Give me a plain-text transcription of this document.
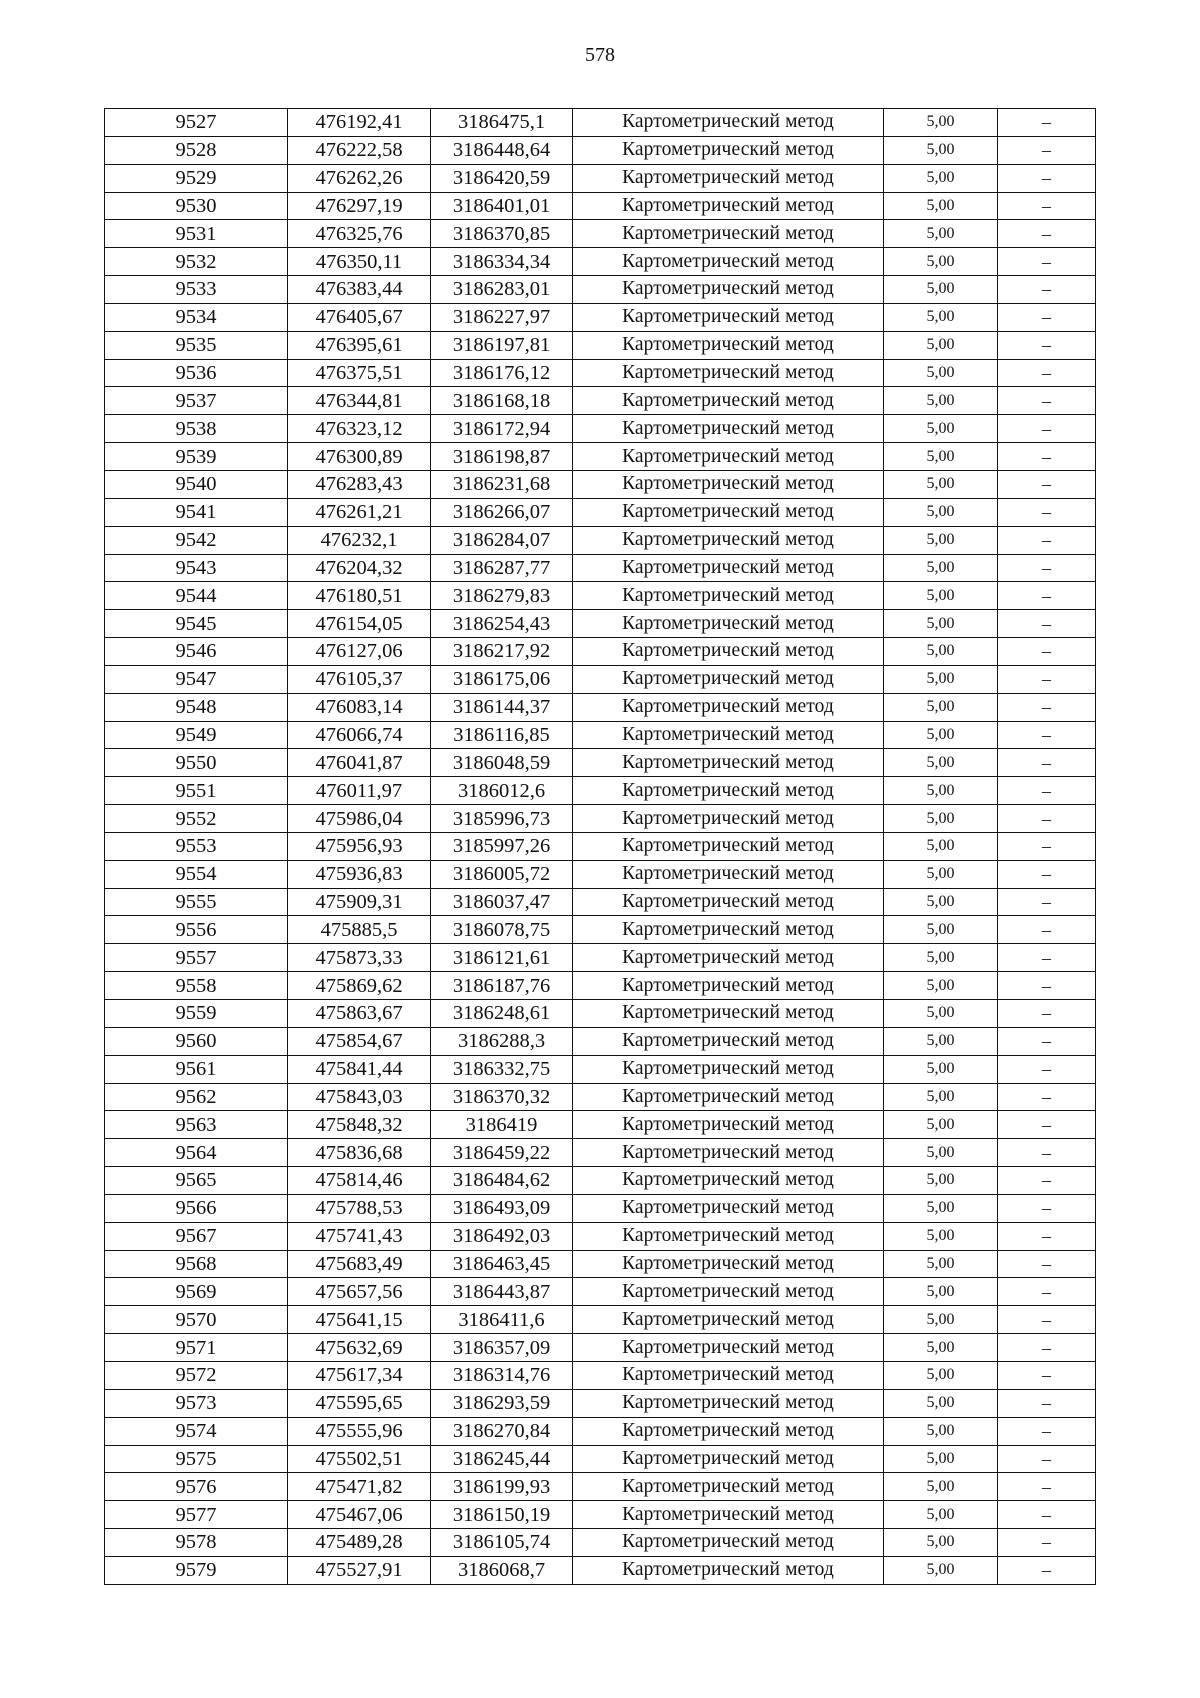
578
9527	476192,41	3186475,1	Картометрический метод	5,00	–
9528	476222,58	3186448,64	Картометрический метод	5,00	–
9529	476262,26	3186420,59	Картометрический метод	5,00	–
9530	476297,19	3186401,01	Картометрический метод	5,00	–
9531	476325,76	3186370,85	Картометрический метод	5,00	–
9532	476350,11	3186334,34	Картометрический метод	5,00	–
9533	476383,44	3186283,01	Картометрический метод	5,00	–
9534	476405,67	3186227,97	Картометрический метод	5,00	–
9535	476395,61	3186197,81	Картометрический метод	5,00	–
9536	476375,51	3186176,12	Картометрический метод	5,00	–
9537	476344,81	3186168,18	Картометрический метод	5,00	–
9538	476323,12	3186172,94	Картометрический метод	5,00	–
9539	476300,89	3186198,87	Картометрический метод	5,00	–
9540	476283,43	3186231,68	Картометрический метод	5,00	–
9541	476261,21	3186266,07	Картометрический метод	5,00	–
9542	476232,1	3186284,07	Картометрический метод	5,00	–
9543	476204,32	3186287,77	Картометрический метод	5,00	–
9544	476180,51	3186279,83	Картометрический метод	5,00	–
9545	476154,05	3186254,43	Картометрический метод	5,00	–
9546	476127,06	3186217,92	Картометрический метод	5,00	–
9547	476105,37	3186175,06	Картометрический метод	5,00	–
9548	476083,14	3186144,37	Картометрический метод	5,00	–
9549	476066,74	3186116,85	Картометрический метод	5,00	–
9550	476041,87	3186048,59	Картометрический метод	5,00	–
9551	476011,97	3186012,6	Картометрический метод	5,00	–
9552	475986,04	3185996,73	Картометрический метод	5,00	–
9553	475956,93	3185997,26	Картометрический метод	5,00	–
9554	475936,83	3186005,72	Картометрический метод	5,00	–
9555	475909,31	3186037,47	Картометрический метод	5,00	–
9556	475885,5	3186078,75	Картометрический метод	5,00	–
9557	475873,33	3186121,61	Картометрический метод	5,00	–
9558	475869,62	3186187,76	Картометрический метод	5,00	–
9559	475863,67	3186248,61	Картометрический метод	5,00	–
9560	475854,67	3186288,3	Картометрический метод	5,00	–
9561	475841,44	3186332,75	Картометрический метод	5,00	–
9562	475843,03	3186370,32	Картометрический метод	5,00	–
9563	475848,32	3186419	Картометрический метод	5,00	–
9564	475836,68	3186459,22	Картометрический метод	5,00	–
9565	475814,46	3186484,62	Картометрический метод	5,00	–
9566	475788,53	3186493,09	Картометрический метод	5,00	–
9567	475741,43	3186492,03	Картометрический метод	5,00	–
9568	475683,49	3186463,45	Картометрический метод	5,00	–
9569	475657,56	3186443,87	Картометрический метод	5,00	–
9570	475641,15	3186411,6	Картометрический метод	5,00	–
9571	475632,69	3186357,09	Картометрический метод	5,00	–
9572	475617,34	3186314,76	Картометрический метод	5,00	–
9573	475595,65	3186293,59	Картометрический метод	5,00	–
9574	475555,96	3186270,84	Картометрический метод	5,00	–
9575	475502,51	3186245,44	Картометрический метод	5,00	–
9576	475471,82	3186199,93	Картометрический метод	5,00	–
9577	475467,06	3186150,19	Картометрический метод	5,00	–
9578	475489,28	3186105,74	Картометрический метод	5,00	–
9579	475527,91	3186068,7	Картометрический метод	5,00	–
